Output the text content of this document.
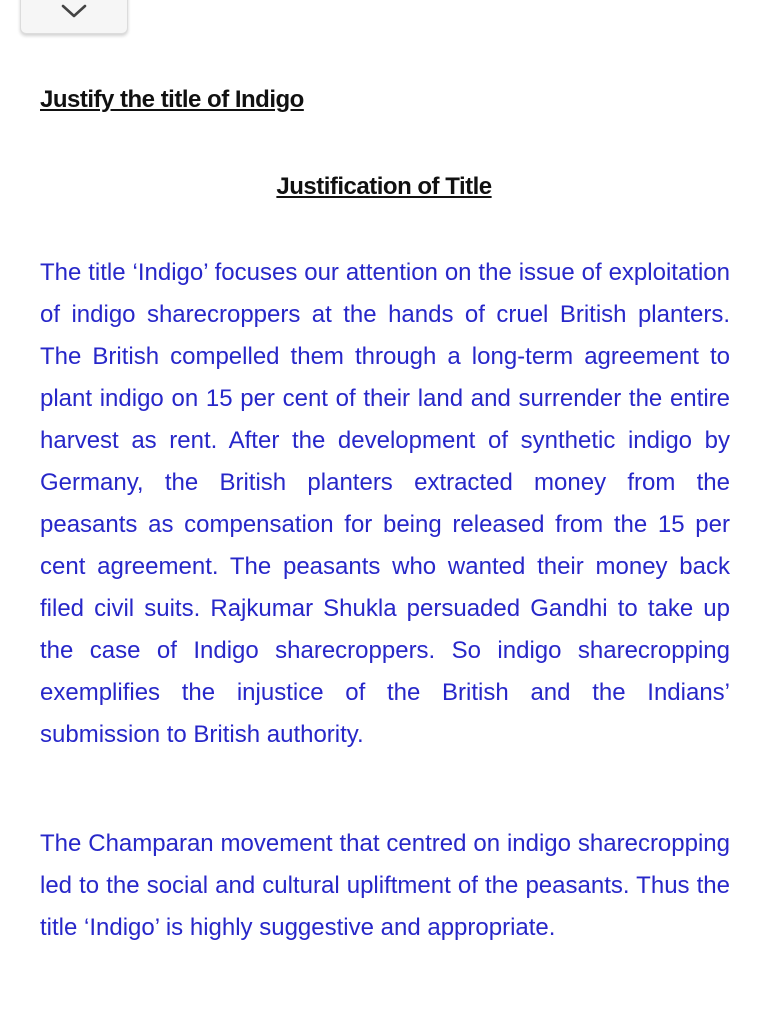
Justify the title of Indigo
Justification of Title

The title ‘Indigo’ focuses our attention on the issue of exploitation of indigo sharecroppers at the hands of cruel British planters. The British compelled them through a long-term agreement to plant indigo on 15 per cent of their land and surrender the entire harvest as rent. After the development of synthetic indigo by Germany, the British planters extracted money from the peasants as compensation for being released from the 15 per cent agreement. The peasants who wanted their money back filed civil suits. Rajkumar Shukla persuaded Gandhi to take up the case of Indigo sharecroppers. So indigo sharecropping exemplifies the injustice of the British and the Indians’ submission to British authority.

The Champaran movement that centred on indigo sharecropping led to the social and cultural upliftment of the peasants. Thus the title ‘Indigo’ is highly suggestive and appropriate.
